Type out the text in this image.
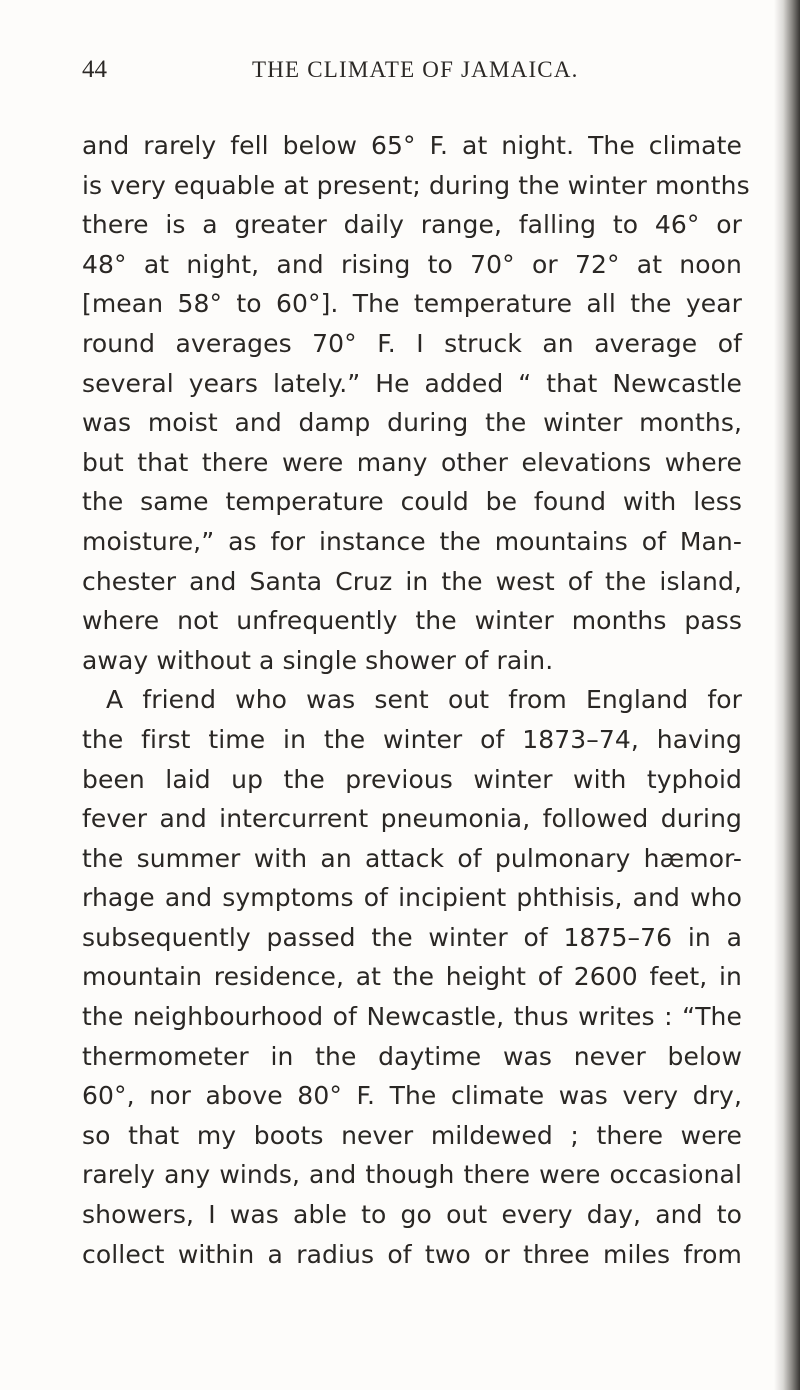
44	THE CLIMATE OF JAMAICA.
and rarely fell below 65° F. at night. The climate
is very equable at present; during the winter months
there is a greater daily range, falling to 46° or
48° at night, and rising to 70° or 72° at noon
[mean 58° to 60°]. The temperature all the year
round averages 70° F. I struck an average of
several years lately.” He added “ that Newcastle
was moist and damp during the winter months,
but that there were many other elevations where
the same temperature could be found with less
moisture,” as for instance the mountains of Man-
chester and Santa Cruz in the west of the island,
where not unfrequently the winter months pass
away without a single shower of rain.
A friend who was sent out from England for
the first time in the winter of 1873–74, having
been laid up the previous winter with typhoid
fever and intercurrent pneumonia, followed during
the summer with an attack of pulmonary hæmor-
rhage and symptoms of incipient phthisis, and who
subsequently passed the winter of 1875–76 in a
mountain residence, at the height of 2600 feet, in
the neighbourhood of Newcastle, thus writes : “The
thermometer in the daytime was never below
60°, nor above 80° F. The climate was very dry,
so that my boots never mildewed ; there were
rarely any winds, and though there were occasional
showers, I was able to go out every day, and to
collect within a radius of two or three miles from
